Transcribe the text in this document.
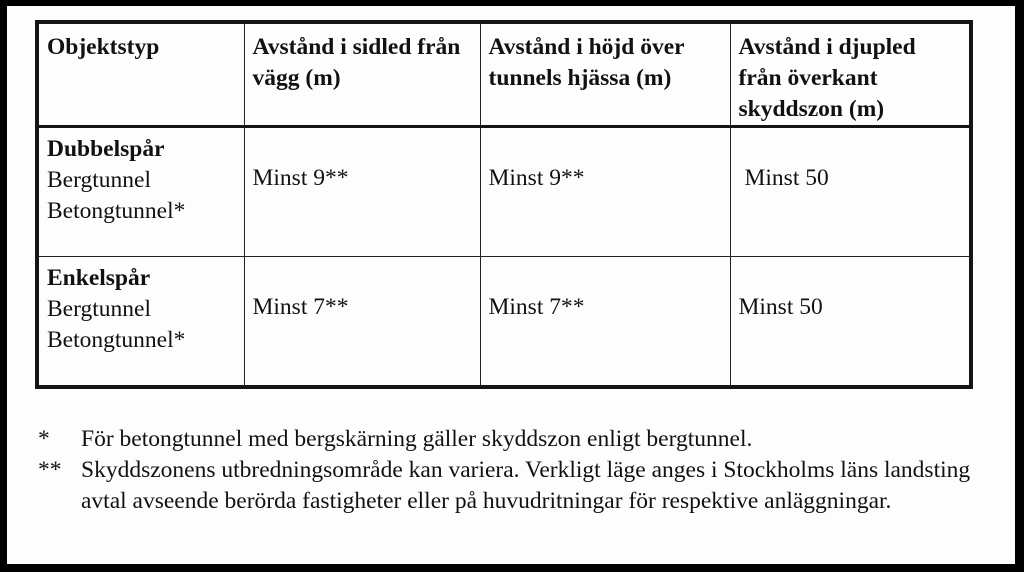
Objektstyp	Avstånd i sidled från vägg (m)	Avstånd i höjd över tunnels hjässa (m)	Avstånd i djupled från överkant skyddszon (m)

Dubbelspår
Bergtunnel
Betongtunnel*	Minst 9**	Minst 9**	Minst 50

Enkelspår
Bergtunnel
Betongtunnel*	Minst 7**	Minst 7**	Minst 50
*	För betongtunnel med bergskärning gäller skyddszon enligt bergtunnel.
** Skyddszonens utbredningsområde kan variera. Verkligt läge anges i Stockholms läns landsting avtal avseende berörda fastigheter eller på huvudritningar för respektive anläggningar.
